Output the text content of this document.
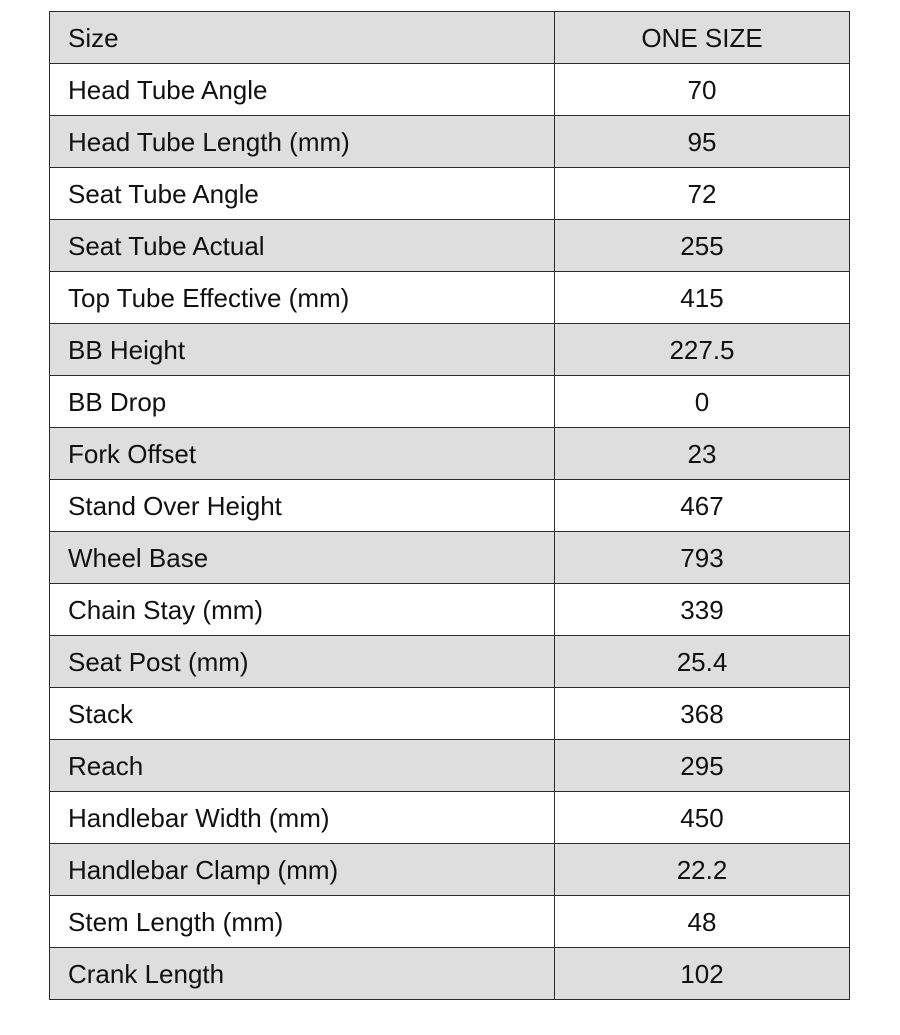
Size	ONE SIZE
Head Tube Angle	70
Head Tube Length (mm)	95
Seat Tube Angle	72
Seat Tube Actual	255
Top Tube Effective (mm)	415
BB Height	227.5
BB Drop	0
Fork Offset	23
Stand Over Height	467
Wheel Base	793
Chain Stay (mm)	339
Seat Post (mm)	25.4
Stack	368
Reach	295
Handlebar Width (mm)	450
Handlebar Clamp (mm)	22.2
Stem Length (mm)	48
Crank Length	102
